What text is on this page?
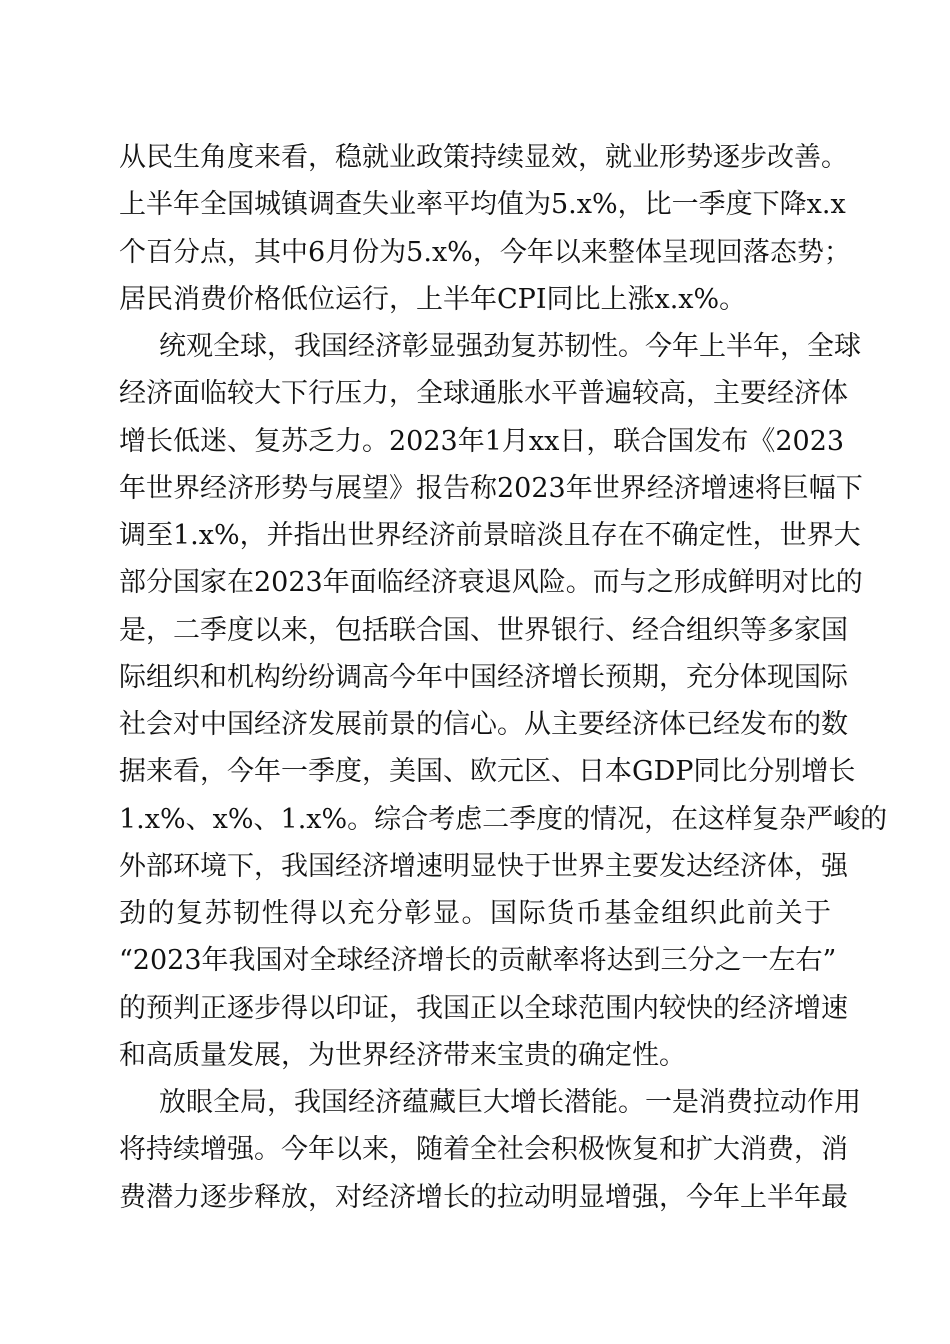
从民生角度来看，稳就业政策持续显效，就业形势逐步改善。
上半年全国城镇调查失业率平均值为5.x%，比一季度下降x.x
个百分点，其中6月份为5.x%，今年以来整体呈现回落态势；
居民消费价格低位运行，上半年CPI同比上涨x.x%。
统观全球，我国经济彰显强劲复苏韧性。今年上半年，全球
经济面临较大下行压力，全球通胀水平普遍较高，主要经济体
增长低迷、复苏乏力。2023年1月xx日，联合国发布《2023
年世界经济形势与展望》报告称2023年世界经济增速将巨幅下
调至1.x%，并指出世界经济前景暗淡且存在不确定性，世界大
部分国家在2023年面临经济衰退风险。而与之形成鲜明对比的
是，二季度以来，包括联合国、世界银行、经合组织等多家国
际组织和机构纷纷调高今年中国经济增长预期，充分体现国际
社会对中国经济发展前景的信心。从主要经济体已经发布的数
据来看，今年一季度，美国、欧元区、日本GDP同比分别增长
1.x%、x%、1.x%。综合考虑二季度的情况，在这样复杂严峻的
外部环境下，我国经济增速明显快于世界主要发达经济体，强
劲的复苏韧性得以充分彰显。国际货币基金组织此前关于
“2023年我国对全球经济增长的贡献率将达到三分之一左右”
的预判正逐步得以印证，我国正以全球范围内较快的经济增速
和高质量发展，为世界经济带来宝贵的确定性。
放眼全局，我国经济蕴藏巨大增长潜能。一是消费拉动作用
将持续增强。今年以来，随着全社会积极恢复和扩大消费，消
费潜力逐步释放，对经济增长的拉动明显增强，今年上半年最
